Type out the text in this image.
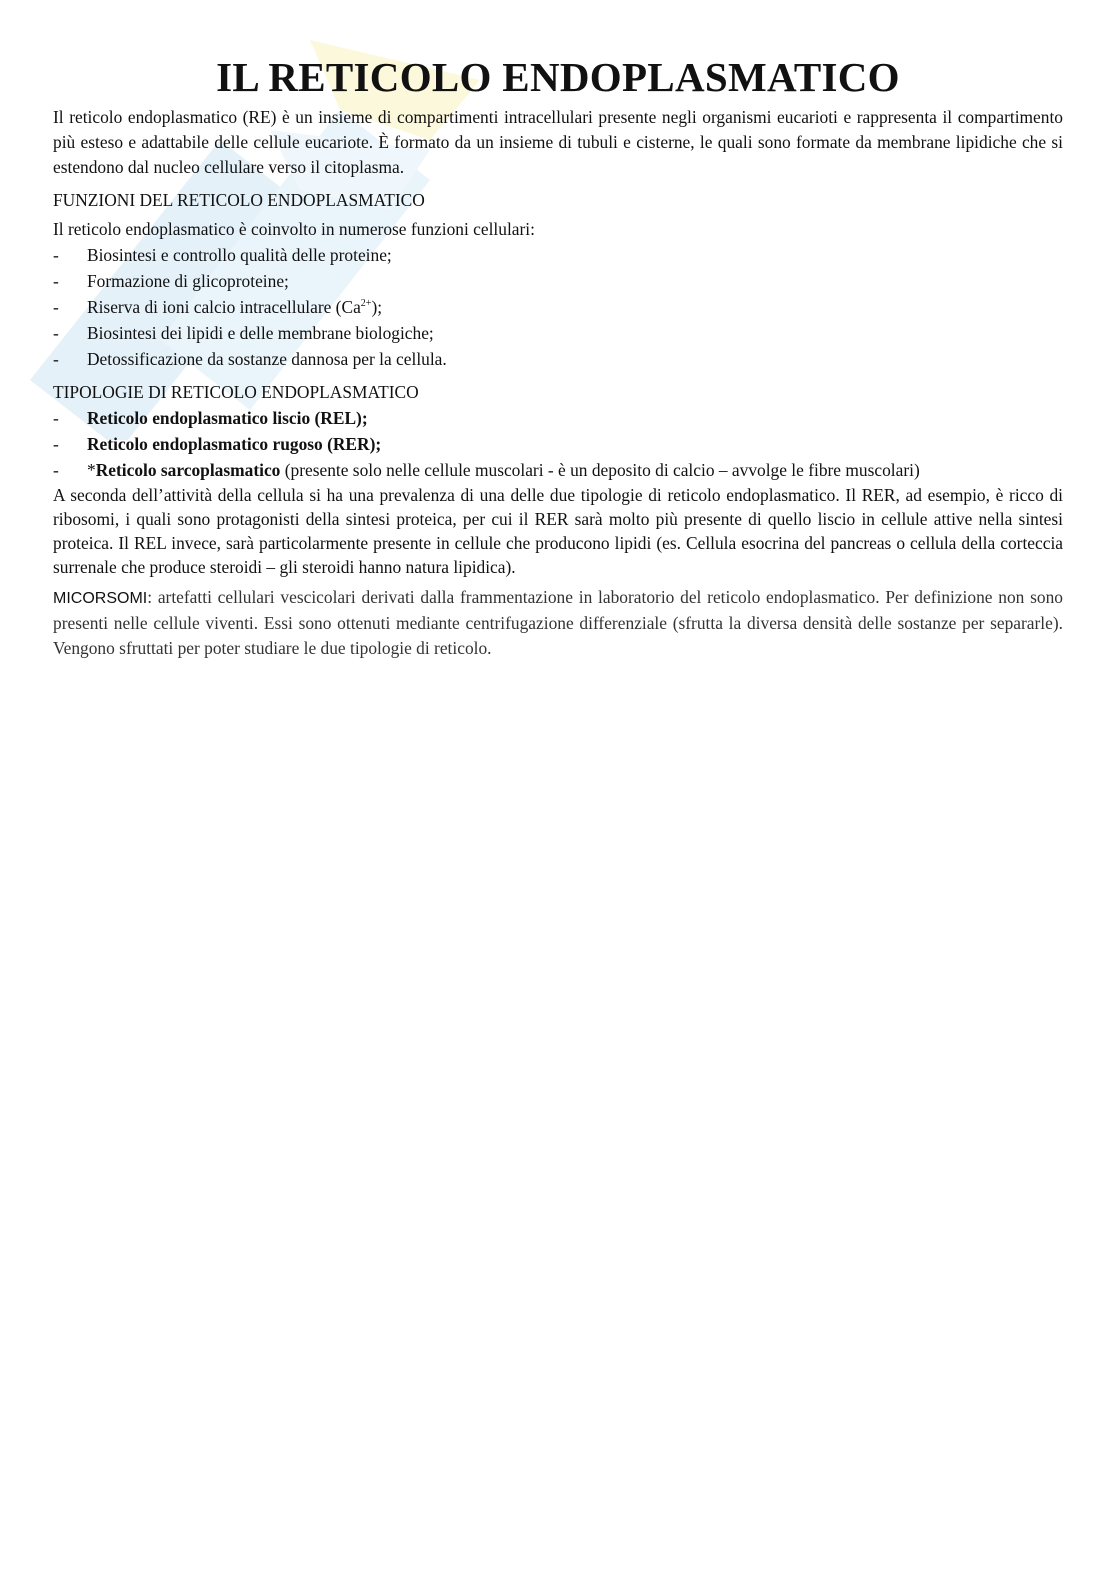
IL RETICOLO ENDOPLASMATICO

Il reticolo endoplasmatico (RE) è un insieme di compartimenti intracellulari presente negli organismi eucarioti e rappresenta il compartimento più esteso e adattabile delle cellule eucariote. È formato da un insieme di tubuli e cisterne, le quali sono formate da membrane lipidiche che si estendono dal nucleo cellulare verso il citoplasma.

FUNZIONI DEL RETICOLO ENDOPLASMATICO

Il reticolo endoplasmatico è coinvolto in numerose funzioni cellulari:

- Biosintesi e controllo qualità delle proteine;
- Formazione di glicoproteine;
- Riserva di ioni calcio intracellulare $(Ca^{2+})$;
- Biosintesi dei lipidi e delle membrane biologiche;
- Detossificazione da sostanze dannosa per la cellula.
TIPOLOGIE DI RETICOLO ENDOPLASMATICO
- Reticolo endoplasmatico liscio (REL);
- Reticolo endoplasmatico rugoso (RER);
- *Reticolo sarcoplasmatico (presente solo nelle cellule muscolari - è un deposito di calcio – avvolge le fibre muscolari)

A seconda dell’attività della cellula si ha una prevalenza di una delle due tipologie di reticolo endoplasmatico. Il RER, ad esempio, è ricco di ribosomi, i quali sono protagonisti della sintesi proteica, per cui il RER sarà molto più presente di quello liscio in cellule attive nella sintesi proteica. Il REL invece, sarà particolarmente presente in cellule che producono lipidi (es. Cellula esocrina del pancreas o cellula della corteccia surrenale che produce steroidi – gli steroidi hanno natura lipidica).

MICORSOMI: artefatti cellulari vescicolari derivati dalla frammentazione in laboratorio del reticolo endoplasmatico. Per definizione non sono presenti nelle cellule viventi. Essi sono ottenuti mediante centrifugazione differenziale (sfrutta la diversa densità delle sostanze per separarle). Vengono sfruttati per poter studiare le due tipologie di reticolo.
